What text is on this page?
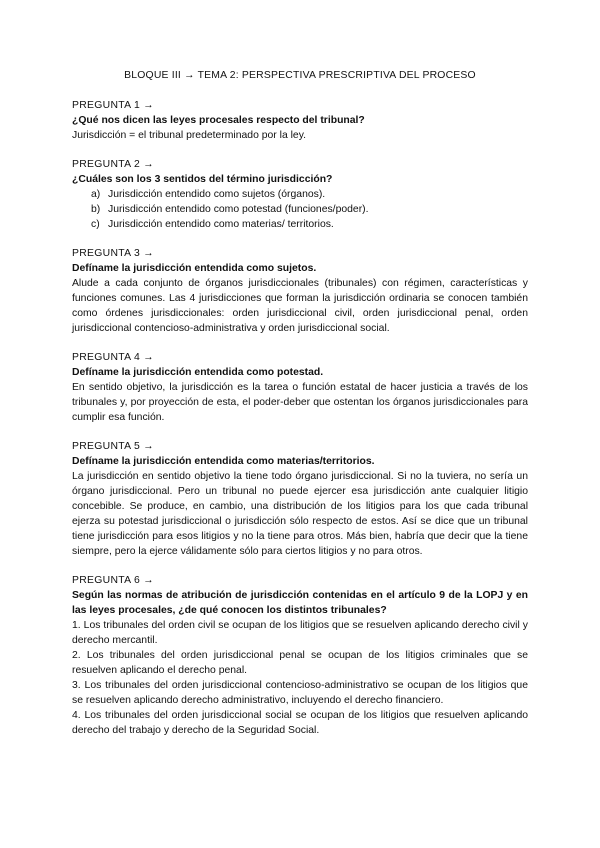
BLOQUE III → TEMA 2: PERSPECTIVA PRESCRIPTIVA DEL PROCESO
PREGUNTA 1 →
¿Qué nos dicen las leyes procesales respecto del tribunal?
Jurisdicción = el tribunal predeterminado por la ley.
PREGUNTA 2 →
¿Cuáles son los 3 sentidos del término jurisdicción?
a) Jurisdicción entendido como sujetos (órganos).
b) Jurisdicción entendido como potestad (funciones/poder).
c) Jurisdicción entendido como materias/ territorios.
PREGUNTA 3 →
Defíname la jurisdicción entendida como sujetos.
Alude a cada conjunto de órganos jurisdiccionales (tribunales) con régimen, características y funciones comunes. Las 4 jurisdicciones que forman la jurisdicción ordinaria se conocen también como órdenes jurisdiccionales: orden jurisdiccional civil, orden jurisdiccional penal, orden jurisdiccional contencioso-administrativa y orden jurisdiccional social.
PREGUNTA 4 →
Defíname la jurisdicción entendida como potestad.
En sentido objetivo, la jurisdicción es la tarea o función estatal de hacer justicia a través de los tribunales y, por proyección de esta, el poder-deber que ostentan los órganos jurisdiccionales para cumplir esa función.
PREGUNTA 5 →
Defíname la jurisdicción entendida como materias/territorios.
La jurisdicción en sentido objetivo la tiene todo órgano jurisdiccional. Si no la tuviera, no sería un órgano jurisdiccional. Pero un tribunal no puede ejercer esa jurisdicción ante cualquier litigio concebible. Se produce, en cambio, una distribución de los litigios para los que cada tribunal ejerza su potestad jurisdiccional o jurisdicción sólo respecto de estos. Así se dice que un tribunal tiene jurisdicción para esos litigios y no la tiene para otros. Más bien, habría que decir que la tiene siempre, pero la ejerce válidamente sólo para ciertos litigios y no para otros.
PREGUNTA 6 →
Según las normas de atribución de jurisdicción contenidas en el artículo 9 de la LOPJ y en las leyes procesales, ¿de qué conocen los distintos tribunales?
1. Los tribunales del orden civil se ocupan de los litigios que se resuelven aplicando derecho civil y derecho mercantil.
2. Los tribunales del orden jurisdiccional penal se ocupan de los litigios criminales que se resuelven aplicando el derecho penal.
3. Los tribunales del orden jurisdiccional contencioso-administrativo se ocupan de los litigios que se resuelven aplicando derecho administrativo, incluyendo el derecho financiero.
4. Los tribunales del orden jurisdiccional social se ocupan de los litigios que resuelven aplicando derecho del trabajo y derecho de la Seguridad Social.
